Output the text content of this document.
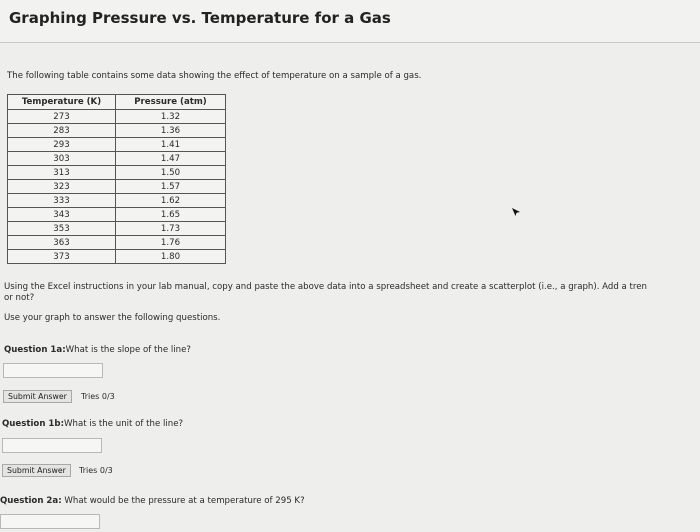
Graphing Pressure vs. Temperature for a Gas
The following table contains some data showing the effect of temperature on a sample of a gas.
Temperature (K)	Pressure (atm)
273	1.32
283	1.36
293	1.41
303	1.47
313	1.50
323	1.57
333	1.62
343	1.65
353	1.73
363	1.76
373	1.80
Using the Excel instructions in your lab manual, copy and paste the above data into a spreadsheet and create a scatterplot (i.e., a graph). Add a tren
or not?
Use your graph to answer the following questions.
Question 1a:What is the slope of the line?
Submit Answer	Tries 0/3
Question 1b:What is the unit of the line?
Submit Answer	Tries 0/3
Question 2a: What would be the pressure at a temperature of 295 K?
